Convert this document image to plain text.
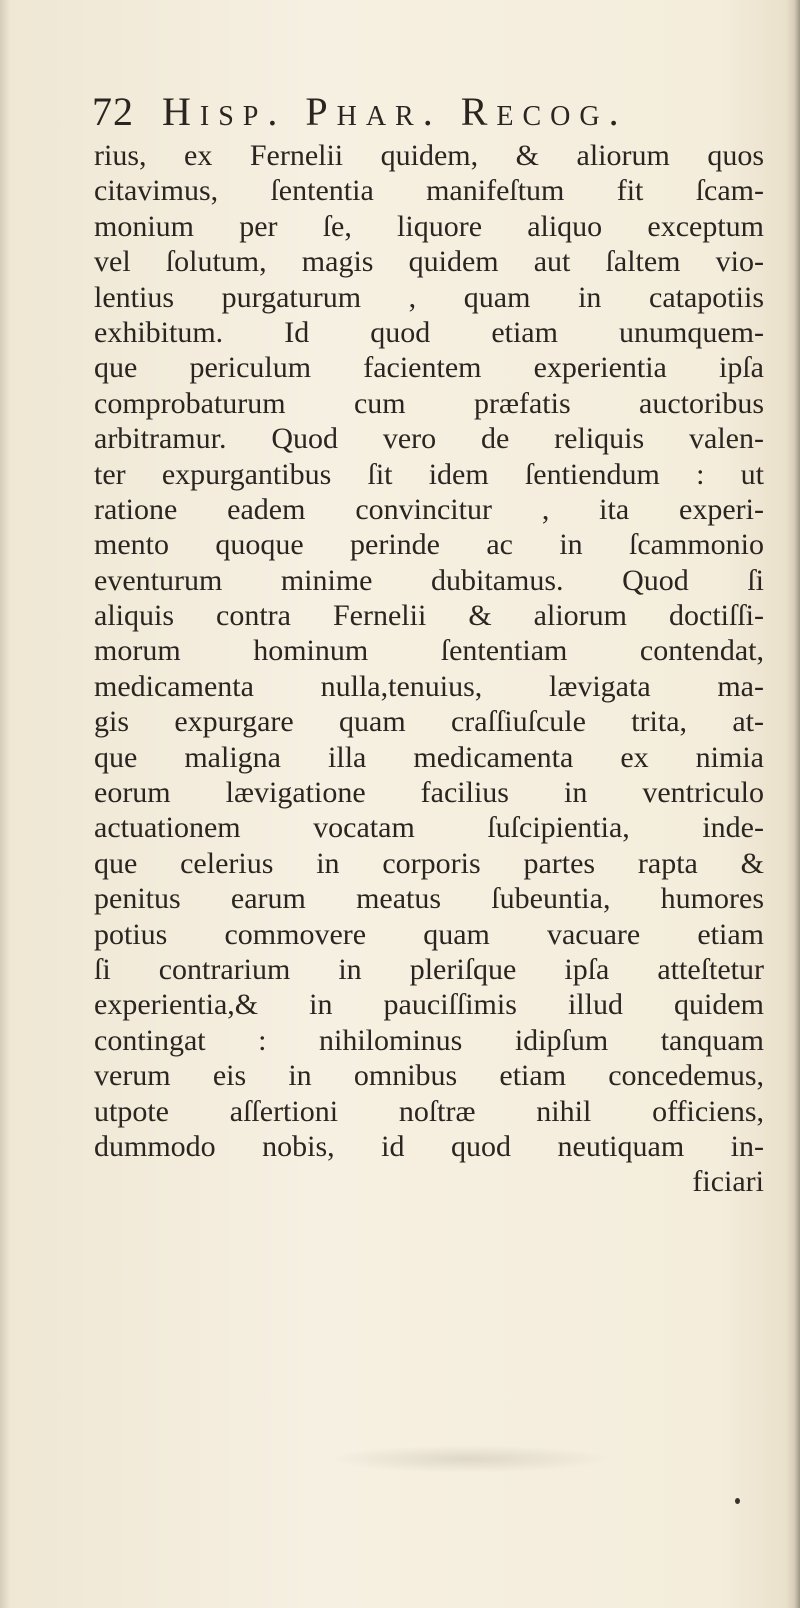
72 Hisp. Phar. Recog.
rius, ex Fernelii quidem, & aliorum quos
citavimus, ſententia manifeſtum fit ſcam-
monium per ſe, liquore aliquo exceptum
vel ſolutum, magis quidem aut ſaltem vio-
lentius purgaturum , quam in catapotiis
exhibitum. Id quod etiam unumquem-
que periculum facientem experientia ipſa
comprobaturum cum præfatis auctoribus
arbitramur. Quod vero de reliquis valen-
ter expurgantibus ſit idem ſentiendum : ut
ratione eadem convincitur , ita experi-
mento quoque perinde ac in ſcammonio
eventurum minime dubitamus. Quod ſi
aliquis contra Fernelii & aliorum doctiſſi-
morum hominum ſententiam contendat,
medicamenta nulla,tenuius, lævigata ma-
gis expurgare quam craſſiuſcule trita, at-
que maligna illa medicamenta ex nimia
eorum lævigatione facilius in ventriculo
actuationem vocatam ſuſcipientia, inde-
que celerius in corporis partes rapta &
penitus earum meatus ſubeuntia, humores
potius commovere quam vacuare etiam
ſi contrarium in pleriſque ipſa atteſtetur
experientia,& in pauciſſimis illud quidem
contingat : nihilominus idipſum tanquam
verum eis in omnibus etiam concedemus,
utpote aſſertioni noſtræ nihil officiens,
dummodo nobis, id quod neutiquam in-
ficiari
